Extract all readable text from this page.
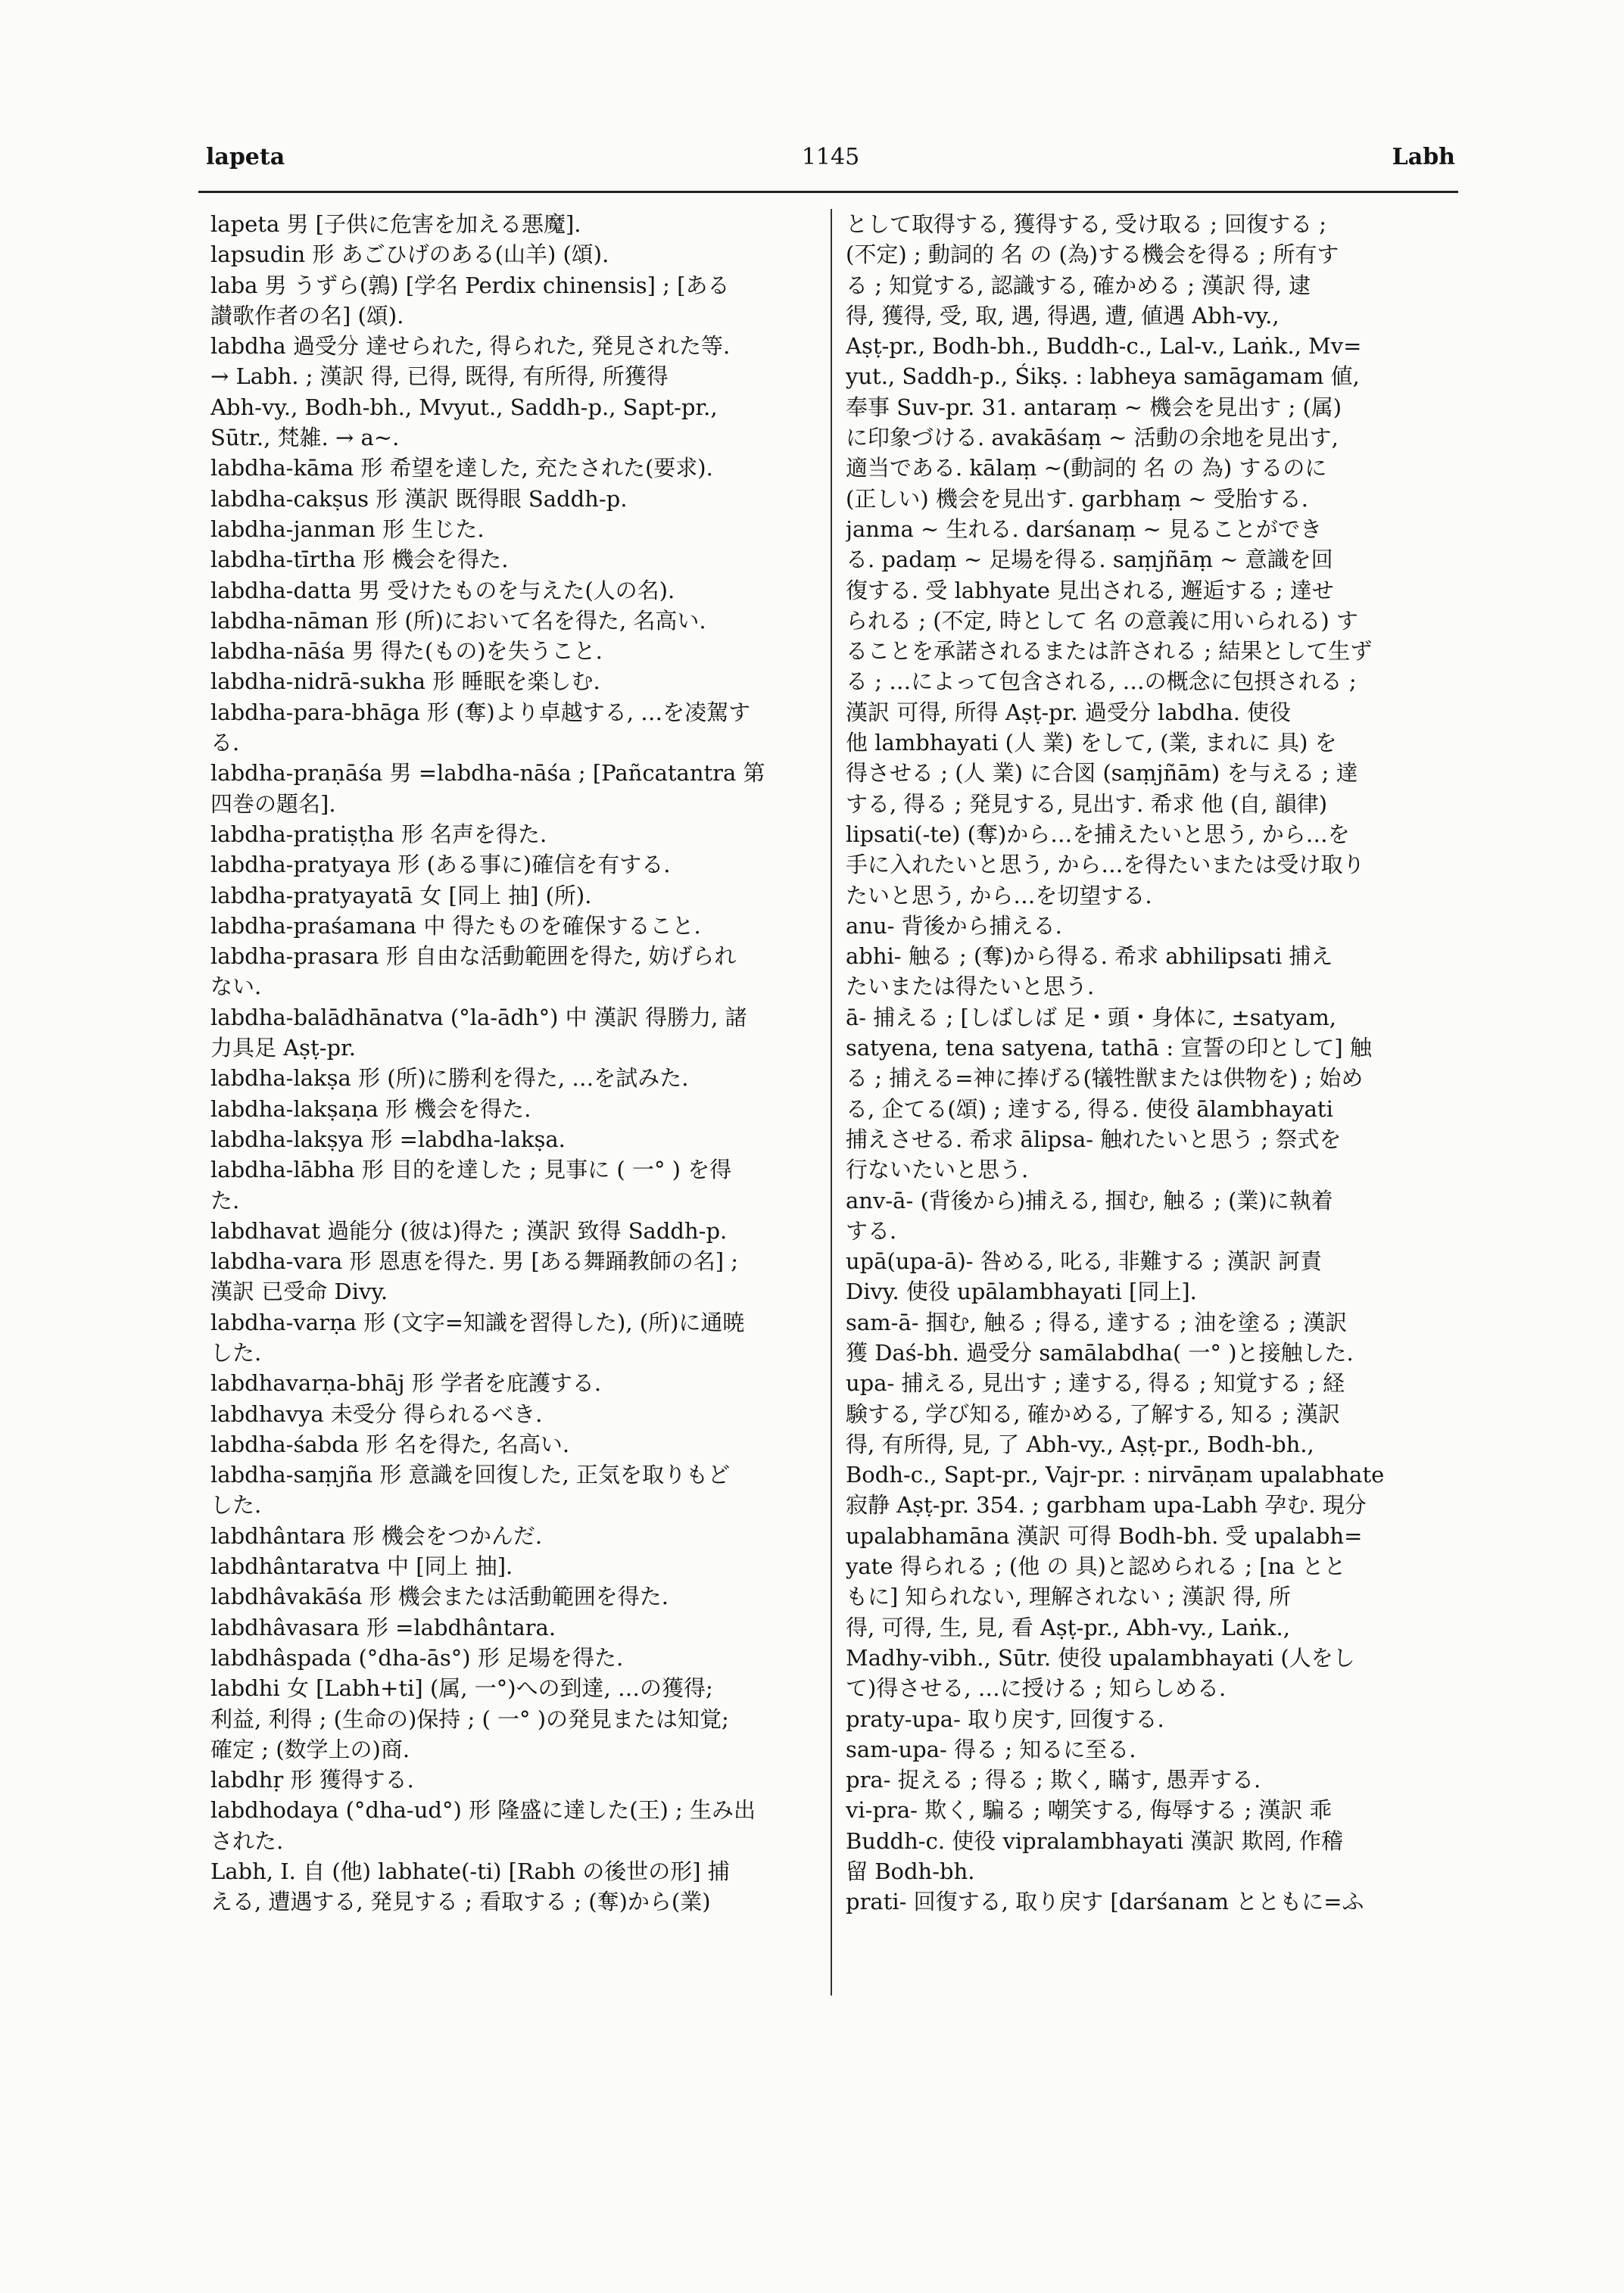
lapeta	1145	Labh
lapeta 男 [子供に危害を加える悪魔].
lapsudin 形 あごひげのある(山羊) (頌).
laba 男 うずら(鶉) [学名 Perdix chinensis] ; [ある
讃歌作者の名] (頌).
labdha 過受分 達せられた, 得られた, 発見された等.
→ Labh. ; 漢訳 得, 已得, 既得, 有所得, 所獲得
Abh-vy., Bodh-bh., Mvyut., Saddh-p., Sapt-pr.,
Sūtr., 梵雑. → a~.
labdha-kāma 形 希望を達した, 充たされた(要求).
labdha-cakṣus 形 漢訳 既得眼 Saddh-p.
labdha-janman 形 生じた.
labdha-tīrtha 形 機会を得た.
labdha-datta 男 受けたものを与えた(人の名).
labdha-nāman 形 (所)において名を得た, 名高い.
labdha-nāśa 男 得た(もの)を失うこと.
labdha-nidrā-sukha 形 睡眠を楽しむ.
labdha-para-bhāga 形 (奪)より卓越する, …を凌駕す
る.
labdha-praṇāśa 男 =labdha-nāśa ; [Pañcatantra 第
四巻の題名].
labdha-pratiṣṭha 形 名声を得た.
labdha-pratyaya 形 (ある事に)確信を有する.
labdha-pratyayatā 女 [同上 抽] (所).
labdha-praśamana 中 得たものを確保すること.
labdha-prasara 形 自由な活動範囲を得た, 妨げられ
ない.
labdha-balādhānatva (°la-ādh°) 中 漢訳 得勝力, 諸
力具足 Aṣṭ-pr.
labdha-lakṣa 形 (所)に勝利を得た, …を試みた.
labdha-lakṣaṇa 形 機会を得た.
labdha-lakṣya 形 =labdha-lakṣa.
labdha-lābha 形 目的を達した ; 見事に ( 一° ) を得
た.
labdhavat 過能分 (彼は)得た ; 漢訳 致得 Saddh-p.
labdha-vara 形 恩恵を得た. 男 [ある舞踊教師の名] ;
漢訳 已受命 Divy.
labdha-varṇa 形 (文字=知識を習得した), (所)に通暁
した.
labdhavarṇa-bhāj 形 学者を庇護する.
labdhavya 未受分 得られるべき.
labdha-śabda 形 名を得た, 名高い.
labdha-saṃjña 形 意識を回復した, 正気を取りもど
した.
labdhântara 形 機会をつかんだ.
labdhântaratva 中 [同上 抽].
labdhâvakāśa 形 機会または活動範囲を得た.
labdhâvasara 形 =labdhântara.
labdhâspada (°dha-ās°) 形 足場を得た.
labdhi 女 [Labh+ti] (属, 一°)への到達, …の獲得;
利益, 利得 ; (生命の)保持 ; ( 一° )の発見または知覚;
確定 ; (数学上の)商.
labdhṛ 形 獲得する.
labdhodaya (°dha-ud°) 形 隆盛に達した(王) ; 生み出
された.
Labh, I. 自 (他) labhate(-ti) [Rabh の後世の形] 捕
える, 遭遇する, 発見する ; 看取する ; (奪)から(業)
として取得する, 獲得する, 受け取る ; 回復する ;
(不定) ; 動詞的 名 の (為)する機会を得る ; 所有す
る ; 知覚する, 認識する, 確かめる ; 漢訳 得, 逮
得, 獲得, 受, 取, 遇, 得遇, 遭, 値遇 Abh-vy.,
Aṣṭ-pr., Bodh-bh., Buddh-c., Lal-v., Laṅk., Mv=
yut., Saddh-p., Śikṣ. : labheya samāgamam 値,
奉事 Suv-pr. 31. antaraṃ ~ 機会を見出す ; (属)
に印象づける. avakāśaṃ ~ 活動の余地を見出す,
適当である. kālaṃ ~(動詞的 名 の 為) するのに
(正しい) 機会を見出す. garbhaṃ ~ 受胎する.
janma ~ 生れる. darśanaṃ ~ 見ることができ
る. padaṃ ~ 足場を得る. saṃjñāṃ ~ 意識を回
復する. 受 labhyate 見出される, 邂逅する ; 達せ
られる ; (不定, 時として 名 の意義に用いられる) す
ることを承諾されるまたは許される ; 結果として生ず
る ; …によって包含される, …の概念に包摂される ;
漢訳 可得, 所得 Aṣṭ-pr. 過受分 labdha. 使役
他 lambhayati (人 業) をして, (業, まれに 具) を
得させる ; (人 業) に合図 (saṃjñām) を与える ; 達
する, 得る ; 発見する, 見出す. 希求 他 (自, 韻律)
lipsati(-te) (奪)から…を捕えたいと思う, から…を
手に入れたいと思う, から…を得たいまたは受け取り
たいと思う, から…を切望する.
anu- 背後から捕える.
abhi- 触る ; (奪)から得る. 希求 abhilipsati 捕え
たいまたは得たいと思う.
ā- 捕える ; [しばしば 足・頭・身体に, ±satyam,
satyena, tena satyena, tathā : 宣誓の印として] 触
る ; 捕える=神に捧げる(犠牲獣または供物を) ; 始め
る, 企てる(頌) ; 達する, 得る. 使役 ālambhayati
捕えさせる. 希求 ālipsa- 触れたいと思う ; 祭式を
行ないたいと思う.
anv-ā- (背後から)捕える, 掴む, 触る ; (業)に執着
する.
upā(upa-ā)- 咎める, 叱る, 非難する ; 漢訳 訶責
Divy. 使役 upālambhayati [同上].
sam-ā- 掴む, 触る ; 得る, 達する ; 油を塗る ; 漢訳
獲 Daś-bh. 過受分 samālabdha( 一° )と接触した.
upa- 捕える, 見出す ; 達する, 得る ; 知覚する ; 経
験する, 学び知る, 確かめる, 了解する, 知る ; 漢訳
得, 有所得, 見, 了 Abh-vy., Aṣṭ-pr., Bodh-bh.,
Bodh-c., Sapt-pr., Vajr-pr. : nirvāṇam upalabhate
寂静 Aṣṭ-pr. 354. ; garbham upa-Labh 孕む. 現分
upalabhamāna 漢訳 可得 Bodh-bh. 受 upalabh=
yate 得られる ; (他 の 具)と認められる ; [na とと
もに] 知られない, 理解されない ; 漢訳 得, 所
得, 可得, 生, 見, 看 Aṣṭ-pr., Abh-vy., Laṅk.,
Madhy-vibh., Sūtr. 使役 upalambhayati (人をし
て)得させる, …に授ける ; 知らしめる.
praty-upa- 取り戻す, 回復する.
sam-upa- 得る ; 知るに至る.
pra- 捉える ; 得る ; 欺く, 瞞す, 愚弄する.
vi-pra- 欺く, 騙る ; 嘲笑する, 侮辱する ; 漢訳 乖
Buddh-c. 使役 vipralambhayati 漢訳 欺罔, 作稽
留 Bodh-bh.
prati- 回復する, 取り戻す [darśanam とともに=ふ
